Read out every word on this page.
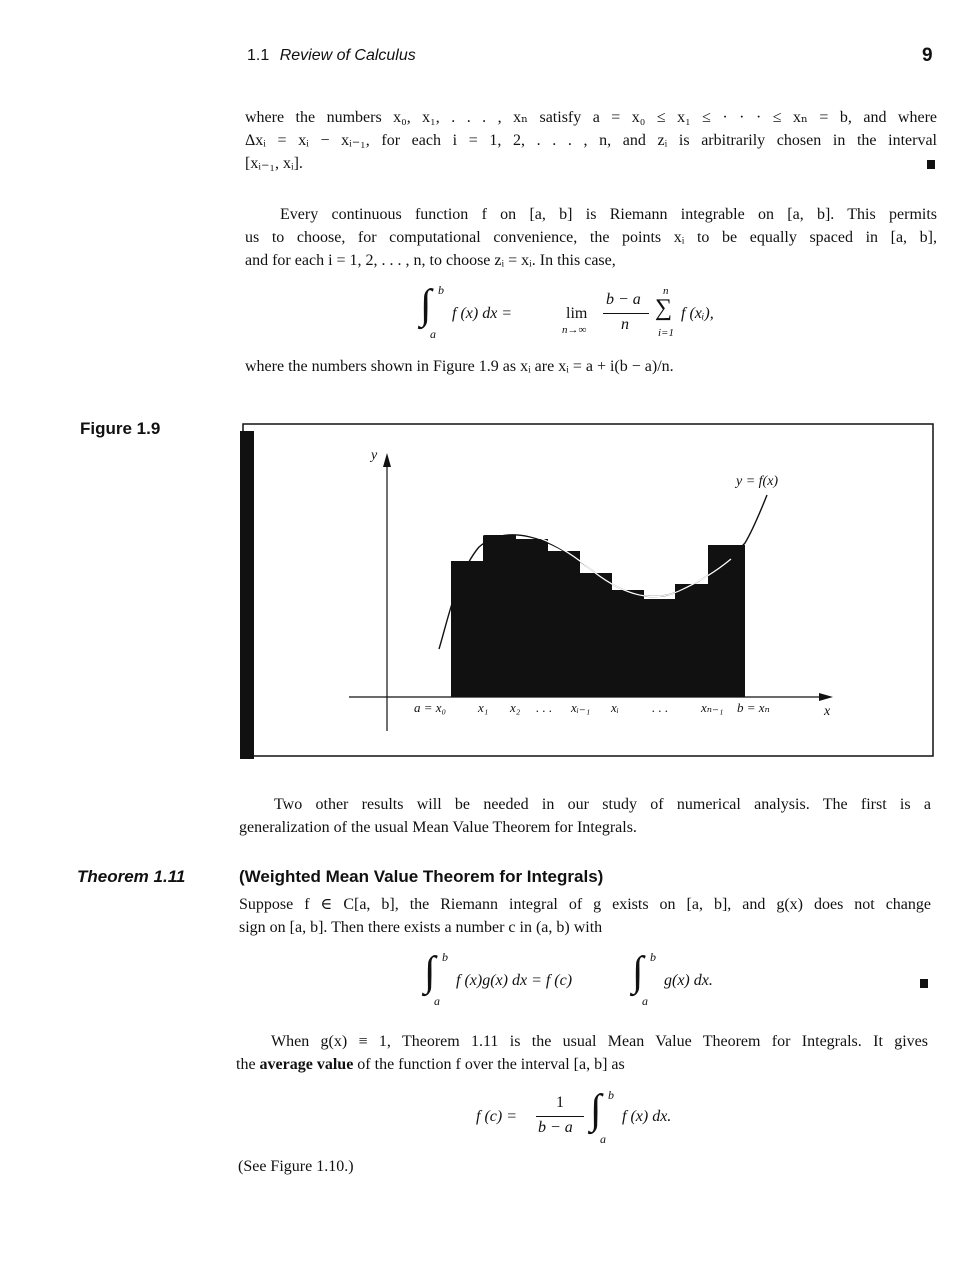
1.1 Review of Calculus	9
where the numbers x₀, x₁, . . . , xₙ satisfy a = x₀ ≤ x₁ ≤ · · · ≤ xₙ = b, and where
Δxᵢ = xᵢ − xᵢ₋₁, for each i = 1, 2, . . . , n, and zᵢ is arbitrarily chosen in the interval
[xᵢ₋₁, xᵢ].
Every continuous function f on [a, b] is Riemann integrable on [a, b]. This permits
us to choose, for computational convenience, the points xᵢ to be equally spaced in [a, b],
and for each i = 1, 2, . . . , n, to choose zᵢ = xᵢ. In this case,
∫ b
a
f (x) dx =	lim
n→∞
b − a
n
n
∑
i=1
f (xᵢ),
where the numbers shown in Figure 1.9 as xᵢ are xᵢ = a + i(b − a)/n.
Figure 1.9
y
y = f(x)
x
a = x₀ x₁ x₂ . . . xᵢ₋₁ xᵢ	. . .	xₙ₋₁ b = xₙ
Two other results will be needed in our study of numerical analysis. The first is a
generalization of the usual Mean Value Theorem for Integrals.
Theorem 1.11	(Weighted Mean Value Theorem for Integrals)
Suppose f ∈ C[a, b], the Riemann integral of g exists on [a, b], and g(x) does not change
sign on [a, b]. Then there exists a number c in (a, b) with
∫ b
a
f (x)g(x) dx = f (c) ∫ b
a
g(x) dx.
When g(x) ≡ 1, Theorem 1.11 is the usual Mean Value Theorem for Integrals. It gives
the average value of the function f over the interval [a, b] as
f (c) =
1
b − a ∫ b
a
f (x) dx.
(See Figure 1.10.)
